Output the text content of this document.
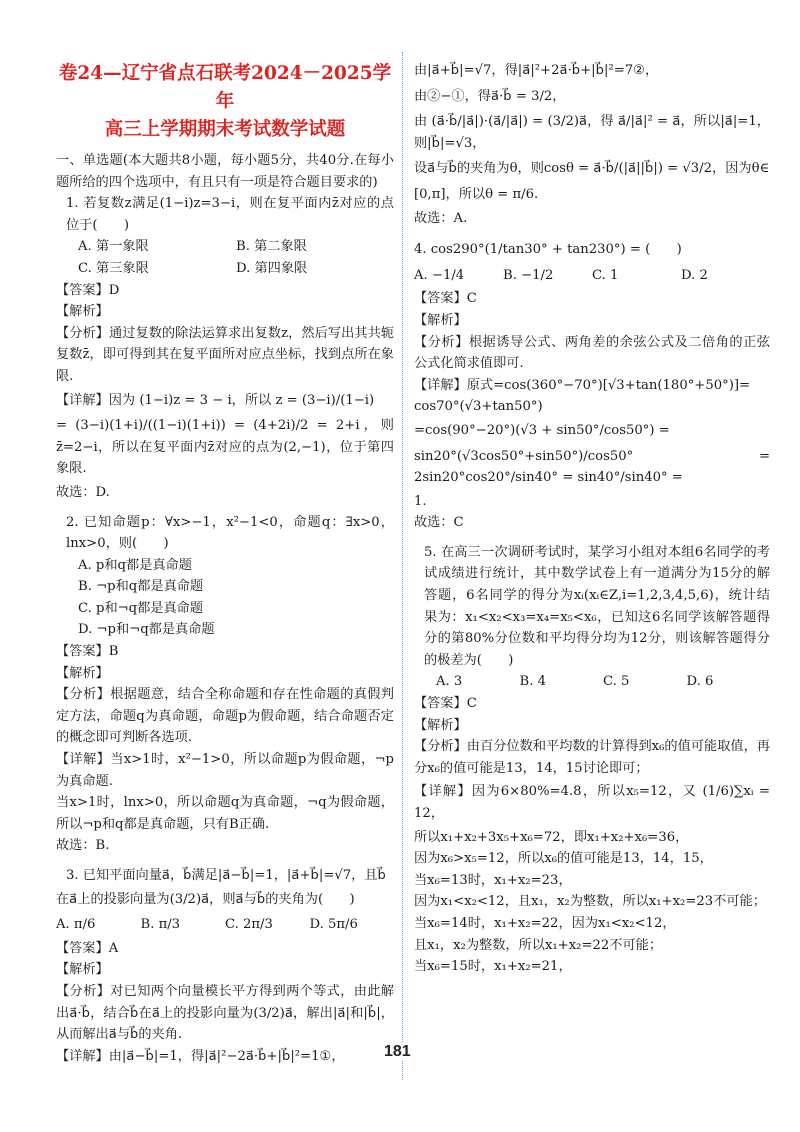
卷24—辽宁省点石联考2024－2025学年
高三上学期期末考试数学试题

一、单选题(本大题共8小题，每小题5分，共40分.在每小题所给的四个选项中，有且只有一项是符合题目要求的)

1. 若复数z满足(1−i)z=3−i，则在复平面内z̄对应的点位于(　　)

A. 第一象限	B. 第二象限
C. 第三象限	D. 第四象限

【答案】D

【解析】

【分析】通过复数的除法运算求出复数z，然后写出其共轭复数z̄，即可得到其在复平面所对应点坐标，找到点所在象限.

【详解】因为 (1−i)z = 3 − i，所以 z = (3−i)/(1−i)

= (3−i)(1+i)/((1−i)(1+i)) = (4+2i)/2 = 2+i，则z̄=2−i，所以在复平面内z̄对应的点为(2,−1)，位于第四象限.

故选：D.

2. 已知命题p：∀x>−1，x²−1<0，命题q：∃x>0，lnx>0，则(　　)

A. p和q都是真命题
B. ¬p和q都是真命题
C. p和¬q都是真命题
D. ¬p和¬q都是真命题

【答案】B

【解析】

【分析】根据题意，结合全称命题和存在性命题的真假判定方法，命题q为真命题，命题p为假命题，结合命题否定的概念即可判断各选项.

【详解】当x>1时，x²−1>0，所以命题p为假命题，¬p为真命题.

当x>1时，lnx>0，所以命题q为真命题，¬q为假命题，所以¬p和q都是真命题，只有B正确.

故选：B.

3. 已知平面向量a⃗，b⃗满足|a⃗−b⃗|=1，|a⃗+b⃗|=√7，且b⃗

在a⃗上的投影向量为(3/2)a⃗，则a⃗与b⃗的夹角为(　　)

A. π/6	B. π/3	C. 2π/3	D. 5π/6

【答案】A

【解析】

【分析】对已知两个向量模长平方得到两个等式，由此解出a⃗·b⃗，结合b⃗在a⃗上的投影向量为(3/2)a⃗，解出|a⃗|和|b⃗|，从而解出a⃗与b⃗的夹角.

【详解】由|a⃗−b⃗|=1，得|a⃗|²−2a⃗·b⃗+|b⃗|²=1①，

由|a⃗+b⃗|=√7，得|a⃗|²+2a⃗·b⃗+|b⃗|²=7②，

由②−①，得a⃗·b⃗ = 3/2，

由 (a⃗·b⃗/|a⃗|)·(a⃗/|a⃗|) = (3/2)a⃗，得 a⃗/|a⃗|² = a⃗，所以|a⃗|=1，则|b⃗|=√3，

设a⃗与b⃗的夹角为θ，则cosθ = a⃗·b⃗/(|a⃗||b⃗|) = √3/2，因为θ∈

[0,π]，所以θ = π/6.

故选：A.

4. cos290°(1/tan30° + tan230°) = (　　)

A. −1/4	B. −1/2	C. 1	D. 2

【答案】C

【解析】

【分析】根据诱导公式、两角差的余弦公式及二倍角的正弦公式化简求值即可.

【详解】原式=cos(360°−70°)[√3+tan(180°+50°)]=

cos70°(√3+tan50°)

=cos(90°−20°)(√3 + sin50°/cos50°) =

sin20°(√3cos50°+sin50°)/cos50° = 2sin20°cos20°/sin40° = sin40°/sin40° =

1.

故选：C

5. 在高三一次调研考试时，某学习小组对本组6名同学的考试成绩进行统计，其中数学试卷上有一道满分为15分的解答题，6名同学的得分为xᵢ(xᵢ∈Z,i=1,2,3,4,5,6)，统计结果为：x₁<x₂<x₃=x₄=x₅<x₆，已知这6名同学该解答题得分的第80%分位数和平均得分均为12分，则该解答题得分的极差为(　　)

A. 3	B. 4	C. 5	D. 6

【答案】C

【解析】

【分析】由百分位数和平均数的计算得到x₆的值可能取值，再分x₆的值可能是13，14，15讨论即可；

【详解】因为6×80%=4.8，所以x₅=12，又 (1/6)∑xᵢ = 12，

所以x₁+x₂+3x₅+x₆=72，即x₁+x₂+x₆=36，

因为x₆>x₅=12，所以x₆的值可能是13，14，15，

当x₆=13时，x₁+x₂=23，

因为x₁<x₂<12，且x₁，x₂为整数，所以x₁+x₂=23不可能；

当x₆=14时，x₁+x₂=22，因为x₁<x₂<12，

且x₁，x₂为整数，所以x₁+x₂=22不可能；

当x₆=15时，x₁+x₂=21，

181
